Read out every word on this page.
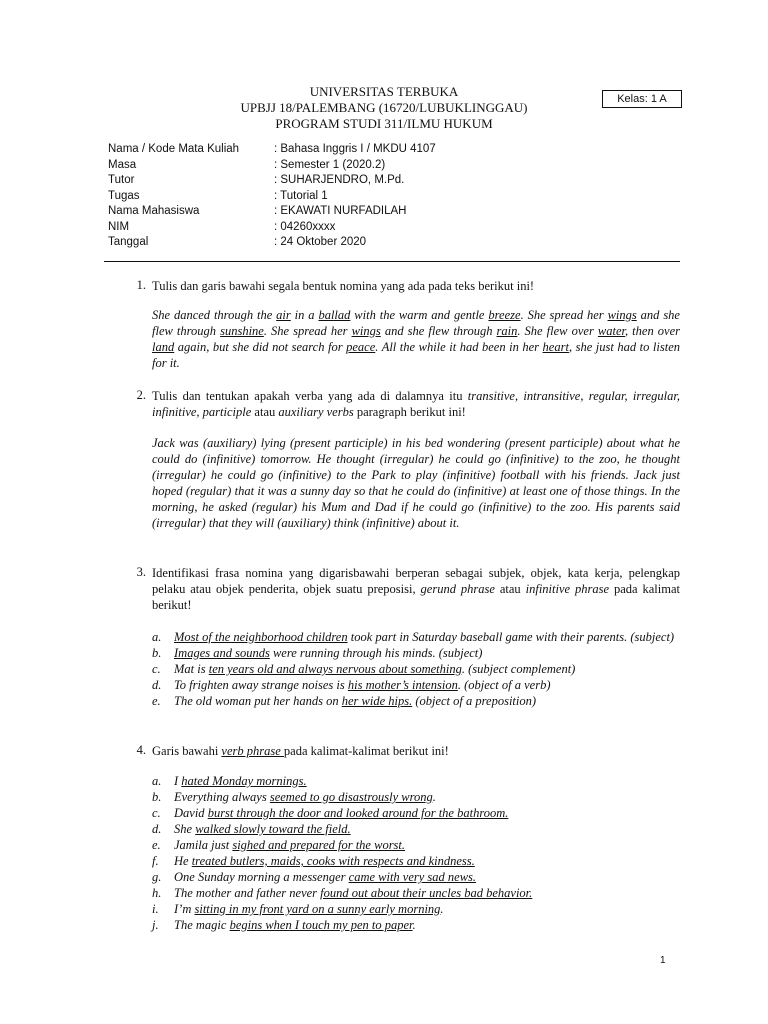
UNIVERSITAS TERBUKA
UPBJJ 18/PALEMBANG (16720/LUBUKLINGGAU)
PROGRAM STUDI 311/ILMU HUKUM
Kelas: 1 A
Nama / Kode Mata Kuliah	: Bahasa Inggris I / MKDU 4107
Masa	: Semester 1 (2020.2)
Tutor	: SUHARJENDRO, M.Pd.
Tugas	: Tutorial 1
Nama Mahasiswa	: EKAWATI NURFADILAH
NIM	: 04260xxxx
Tanggal	: 24 Oktober 2020
1. Tulis dan garis bawahi segala bentuk nomina yang ada pada teks berikut ini!
She danced through the air in a ballad with the warm and gentle breeze. She spread her wings and she flew through sunshine. She spread her wings and she flew through rain. She flew over water, then over land again, but she did not search for peace. All the while it had been in her heart, she just had to listen for it.
2. Tulis dan tentukan apakah verba yang ada di dalamnya itu transitive, intransitive, regular, irregular, infinitive, participle atau auxiliary verbs paragraph berikut ini!
Jack was (auxiliary) lying (present participle) in his bed wondering (present participle) about what he could do (infinitive) tomorrow. He thought (irregular) he could go (infinitive) to the zoo, he thought (irregular) he could go (infinitive) to the Park to play (infinitive) football with his friends. Jack just hoped (regular) that it was a sunny day so that he could do (infinitive) at least one of those things. In the morning, he asked (regular) his Mum and Dad if he could go (infinitive) to the zoo. His parents said (irregular) that they will (auxiliary) think (infinitive) about it.
3. Identifikasi frasa nomina yang digarisbawahi berperan sebagai subjek, objek, kata kerja, pelengkap pelaku atau objek penderita, objek suatu preposisi, gerund phrase atau infinitive phrase pada kalimat berikut!
a. Most of the neighborhood children took part in Saturday baseball game with their parents. (subject)
b. Images and sounds were running through his minds. (subject)
c. Mat is ten years old and always nervous about something. (subject complement)
d. To frighten away strange noises is his mother’s intension. (object of a verb)
e. The old woman put her hands on her wide hips. (object of a preposition)
4. Garis bawahi verb phrase pada kalimat-kalimat berikut ini!
a. I hated Monday mornings.
b. Everything always seemed to go disastrously wrong.
c. David burst through the door and looked around for the bathroom.
d. She walked slowly toward the field.
e. Jamila just sighed and prepared for the worst.
f. He treated butlers, maids, cooks with respects and kindness.
g. One Sunday morning a messenger came with very sad news.
h. The mother and father never found out about their uncles bad behavior.
i. I’m sitting in my front yard on a sunny early morning.
j. The magic begins when I touch my pen to paper.
1
